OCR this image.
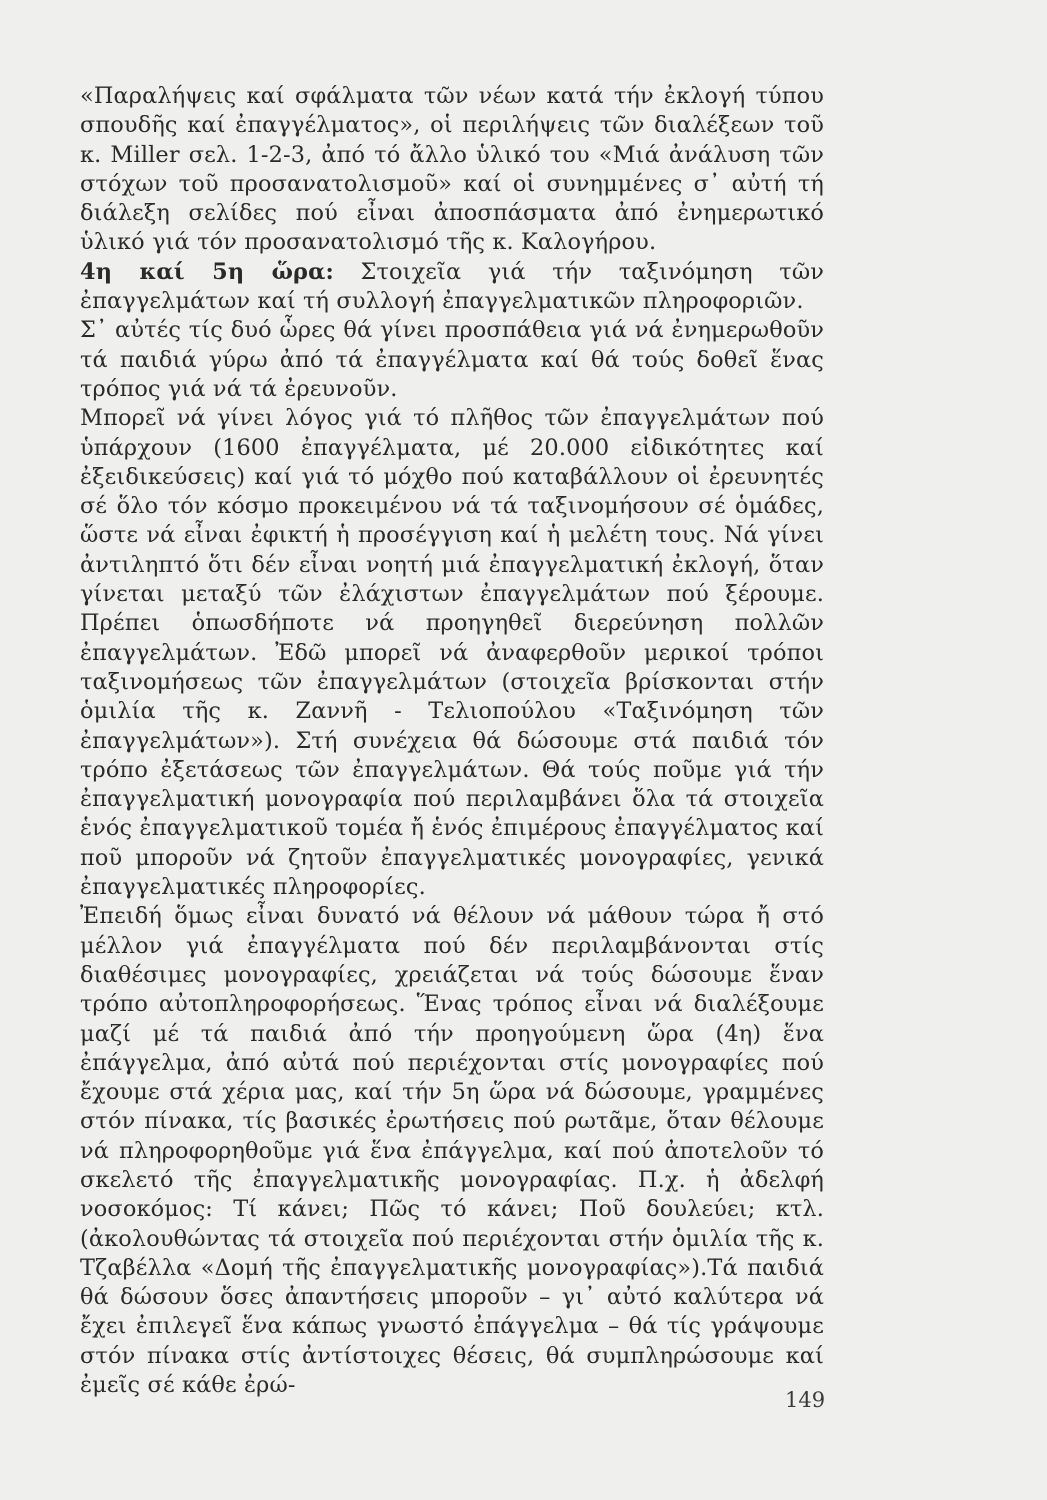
«Παραλήψεις καί σφάλματα τῶν νέων κατά τήν ἐκλογή τύπου σπουδῆς καί ἐπαγγέλματος», οἱ περιλήψεις τῶν διαλέξεων τοῦ κ. Miller σελ. 1-2-3, ἀπό τό ἄλλο ὑλικό του «Μιά ἀνάλυση τῶν στόχων τοῦ προσανατολισμοῦ» καί οἱ συνημμένες σ᾽ αὐτή τή διάλεξη σελίδες πού εἶναι ἀποσπάσματα ἀπό ἐνημερωτικό ὑλικό γιά τόν προσανατολισμό τῆς κ. Καλογήρου.

4η καί 5η ὥρα: Στοιχεῖα γιά τήν ταξινόμηση τῶν ἐπαγγελμάτων καί τή συλλογή ἐπαγγελματικῶν πληροφοριῶν.

Σ᾽ αὐτές τίς δυό ὧρες θά γίνει προσπάθεια γιά νά ἐνημερωθοῦν τά παιδιά γύρω ἀπό τά ἐπαγγέλματα καί θά τούς δοθεῖ ἕνας τρόπος γιά νά τά ἐρευνοῦν.

Μπορεῖ νά γίνει λόγος γιά τό πλῆθος τῶν ἐπαγγελμάτων πού ὑπάρχουν (1600 ἐπαγγέλματα, μέ 20.000 εἰδικότητες καί ἐξειδικεύσεις) καί γιά τό μόχθο πού καταβάλλουν οἱ ἐρευνητές σέ ὅλο τόν κόσμο προκειμένου νά τά ταξινομήσουν σέ ὁμάδες, ὥστε νά εἶναι ἐφικτή ἡ προσέγγιση καί ἡ μελέτη τους. Νά γίνει ἀντιληπτό ὅτι δέν εἶναι νοητή μιά ἐπαγγελματική ἐκλογή, ὅταν γίνεται μεταξύ τῶν ἐλάχιστων ἐπαγγελμάτων πού ξέρουμε. Πρέπει ὁπωσδήποτε νά προηγηθεῖ διερεύνηση πολλῶν ἐπαγγελμάτων. Ἐδῶ μπορεῖ νά ἀναφερθοῦν μερικοί τρόποι ταξινομήσεως τῶν ἐπαγγελμάτων (στοιχεῖα βρίσκονται στήν ὁμιλία τῆς κ. Ζαννῆ - Τελιοπούλου «Ταξινόμηση τῶν ἐπαγγελμάτων»). Στή συνέχεια θά δώσουμε στά παιδιά τόν τρόπο ἐξετάσεως τῶν ἐπαγγελμάτων. Θά τούς ποῦμε γιά τήν ἐπαγγελματική μονογραφία πού περιλαμβάνει ὅλα τά στοιχεῖα ἑνός ἐπαγγελματικοῦ τομέα ἤ ἑνός ἐπιμέρους ἐπαγγέλματος καί ποῦ μποροῦν νά ζητοῦν ἐπαγγελματικές μονογραφίες, γενικά ἐπαγγελματικές πληροφορίες.

Ἐπειδή ὅμως εἶναι δυνατό νά θέλουν νά μάθουν τώρα ἤ στό μέλλον γιά ἐπαγγέλματα πού δέν περιλαμβάνονται στίς διαθέσιμες μονογραφίες, χρειάζεται νά τούς δώσουμε ἕναν τρόπο αὐτοπληροφορήσεως. Ἕνας τρόπος εἶναι νά διαλέξουμε μαζί μέ τά παιδιά ἀπό τήν προηγούμενη ὥρα (4η) ἕνα ἐπάγγελμα, ἀπό αὐτά πού περιέχονται στίς μονογραφίες πού ἔχουμε στά χέρια μας, καί τήν 5η ὥρα νά δώσουμε, γραμμένες στόν πίνακα, τίς βασικές ἐρωτήσεις πού ρωτᾶμε, ὅταν θέλουμε νά πληροφορηθοῦμε γιά ἕνα ἐπάγγελμα, καί πού ἀποτελοῦν τό σκελετό τῆς ἐπαγγελματικῆς μονογραφίας. Π.χ. ἡ ἀδελφή νοσοκόμος: Τί κάνει; Πῶς τό κάνει; Ποῦ δουλεύει; κτλ. (ἀκολουθώντας τά στοιχεῖα πού περιέχονται στήν ὁμιλία τῆς κ. Τζαβέλλα «Δομή τῆς ἐπαγγελματικῆς μονογραφίας»).Τά παιδιά θά δώσουν ὅσες ἀπαντήσεις μποροῦν – γι᾽ αὐτό καλύτερα νά ἔχει ἐπιλεγεῖ ἕνα κάπως γνωστό ἐπάγγελμα – θά τίς γράψουμε στόν πίνακα στίς ἀντίστοιχες θέσεις, θά συμπληρώσουμε καί ἐμεῖς σέ κάθε ἐρώ-

149
